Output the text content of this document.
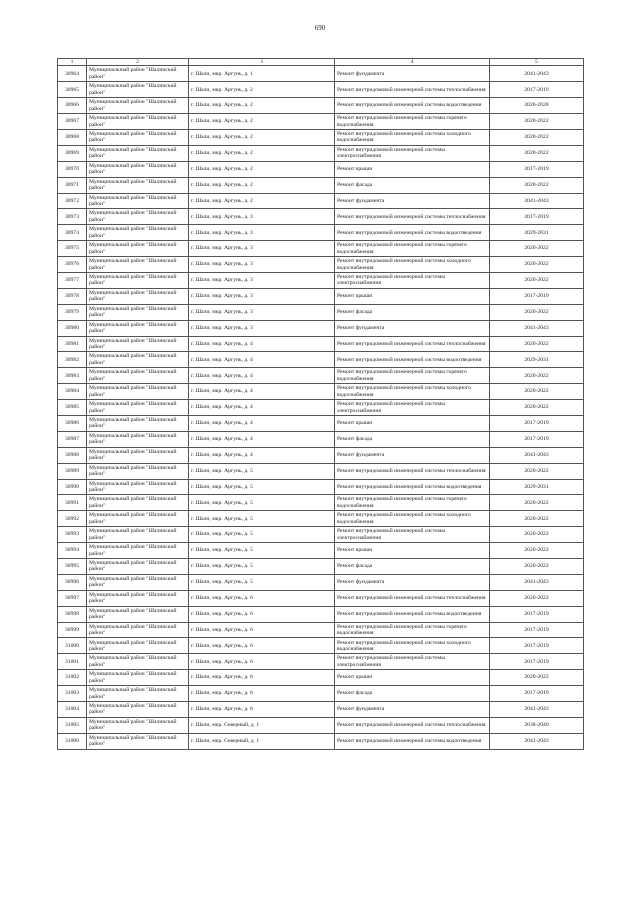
690
1	2	3	4	5
30964	Муниципальный район "Шалинский район"	г. Шали, мкр. Аргунь, д. 1	Ремонт фундамента	2041-2043
30965	Муниципальный район "Шалинский район"	г. Шали, мкр. Аргунь, д. 2	Ремонт внутридомовой инженерной системы теплоснабжения	2017-2019
30966	Муниципальный район "Шалинский район"	г. Шали, мкр. Аргунь, д. 2	Ремонт внутридомовой инженерной системы водоотведения	2026-2028
30967	Муниципальный район "Шалинский район"	г. Шали, мкр. Аргунь, д. 2	Ремонт внутридомовой инженерной системы горячего водоснабжения	2020-2022
30968	Муниципальный район "Шалинский район"	г. Шали, мкр. Аргунь, д. 2	Ремонт внутридомовой инженерной системы холодного водоснабжения	2020-2022
30969	Муниципальный район "Шалинский район"	г. Шали, мкр. Аргунь, д. 2	Ремонт внутридомовой инженерной системы электроснабжения	2020-2022
30970	Муниципальный район "Шалинский район"	г. Шали, мкр. Аргунь, д. 2	Ремонт крыши	2017-2019
30971	Муниципальный район "Шалинский район"	г. Шали, мкр. Аргунь, д. 2	Ремонт фасада	2020-2022
30972	Муниципальный район "Шалинский район"	г. Шали, мкр. Аргунь, д. 2	Ремонт фундамента	2041-2043
30973	Муниципальный район "Шалинский район"	г. Шали, мкр. Аргунь, д. 3	Ремонт внутридомовой инженерной системы теплоснабжения	2017-2019
30974	Муниципальный район "Шалинский район"	г. Шали, мкр. Аргунь, д. 3	Ремонт внутридомовой инженерной системы водоотведения	2029-2031
30975	Муниципальный район "Шалинский район"	г. Шали, мкр. Аргунь, д. 3	Ремонт внутридомовой инженерной системы горячего водоснабжения	2020-2022
30976	Муниципальный район "Шалинский район"	г. Шали, мкр. Аргунь, д. 3	Ремонт внутридомовой инженерной системы холодного водоснабжения	2020-2022
30977	Муниципальный район "Шалинский район"	г. Шали, мкр. Аргунь, д. 3	Ремонт внутридомовой инженерной системы электроснабжения	2020-2022
30978	Муниципальный район "Шалинский район"	г. Шали, мкр. Аргунь, д. 3	Ремонт крыши	2017-2019
30979	Муниципальный район "Шалинский район"	г. Шали, мкр. Аргунь, д. 3	Ремонт фасада	2020-2022
30980	Муниципальный район "Шалинский район"	г. Шали, мкр. Аргунь, д. 3	Ремонт фундамента	2041-2043
30981	Муниципальный район "Шалинский район"	г. Шали, мкр. Аргунь, д. 4	Ремонт внутридомовой инженерной системы теплоснабжения	2020-2022
30982	Муниципальный район "Шалинский район"	г. Шали, мкр. Аргунь, д. 4	Ремонт внутридомовой инженерной системы водоотведения	2029-2031
30983	Муниципальный район "Шалинский район"	г. Шали, мкр. Аргунь, д. 4	Ремонт внутридомовой инженерной системы горячего водоснабжения	2020-2022
30984	Муниципальный район "Шалинский район"	г. Шали, мкр. Аргунь, д. 4	Ремонт внутридомовой инженерной системы холодного водоснабжения	2020-2022
30985	Муниципальный район "Шалинский район"	г. Шали, мкр. Аргунь, д. 4	Ремонт внутридомовой инженерной системы электроснабжения	2020-2022
30986	Муниципальный район "Шалинский район"	г. Шали, мкр. Аргунь, д. 4	Ремонт крыши	2017-2019
30987	Муниципальный район "Шалинский район"	г. Шали, мкр. Аргунь, д. 4	Ремонт фасада	2017-2019
30988	Муниципальный район "Шалинский район"	г. Шали, мкр. Аргунь, д. 4	Ремонт фундамента	2041-2043
30989	Муниципальный район "Шалинский район"	г. Шали, мкр. Аргунь, д. 5	Ремонт внутридомовой инженерной системы теплоснабжения	2020-2022
30990	Муниципальный район "Шалинский район"	г. Шали, мкр. Аргунь, д. 5	Ремонт внутридомовой инженерной системы водоотведения	2029-2031
30991	Муниципальный район "Шалинский район"	г. Шали, мкр. Аргунь, д. 5	Ремонт внутридомовой инженерной системы горячего водоснабжения	2020-2022
30992	Муниципальный район "Шалинский район"	г. Шали, мкр. Аргунь, д. 5	Ремонт внутридомовой инженерной системы холодного водоснабжения	2020-2022
30993	Муниципальный район "Шалинский район"	г. Шали, мкр. Аргунь, д. 5	Ремонт внутридомовой инженерной системы электроснабжения	2020-2022
30994	Муниципальный район "Шалинский район"	г. Шали, мкр. Аргунь, д. 5	Ремонт крыши	2020-2022
30995	Муниципальный район "Шалинский район"	г. Шали, мкр. Аргунь, д. 5	Ремонт фасада	2020-2022
30996	Муниципальный район "Шалинский район"	г. Шали, мкр. Аргунь, д. 5	Ремонт фундамента	2041-2043
30997	Муниципальный район "Шалинский район"	г. Шали, мкр. Аргунь, д. 6	Ремонт внутридомовой инженерной системы теплоснабжения	2020-2022
30998	Муниципальный район "Шалинский район"	г. Шали, мкр. Аргунь, д. 6	Ремонт внутридомовой инженерной системы водоотведения	2017-2019
30999	Муниципальный район "Шалинский район"	г. Шали, мкр. Аргунь, д. 6	Ремонт внутридомовой инженерной системы горячего водоснабжения	2017-2019
31000	Муниципальный район "Шалинский район"	г. Шали, мкр. Аргунь, д. 6	Ремонт внутридомовой инженерной системы холодного водоснабжения	2017-2019
31001	Муниципальный район "Шалинский район"	г. Шали, мкр. Аргунь, д. 6	Ремонт внутридомовой инженерной системы электроснабжения	2017-2019
31002	Муниципальный район "Шалинский район"	г. Шали, мкр. Аргунь, д. 6	Ремонт крыши	2020-2022
31003	Муниципальный район "Шалинский район"	г. Шали, мкр. Аргунь, д. 6	Ремонт фасада	2017-2019
31004	Муниципальный район "Шалинский район"	г. Шали, мкр. Аргунь, д. 6	Ремонт фундамента	2041-2043
31005	Муниципальный район "Шалинский район"	г. Шали, мкр. Северный, д. 1	Ремонт внутридомовой инженерной системы теплоснабжения	2038-2040
31006	Муниципальный район "Шалинский район"	г. Шали, мкр. Северный, д. 1	Ремонт внутридомовой инженерной системы водоотведения	2041-2043
